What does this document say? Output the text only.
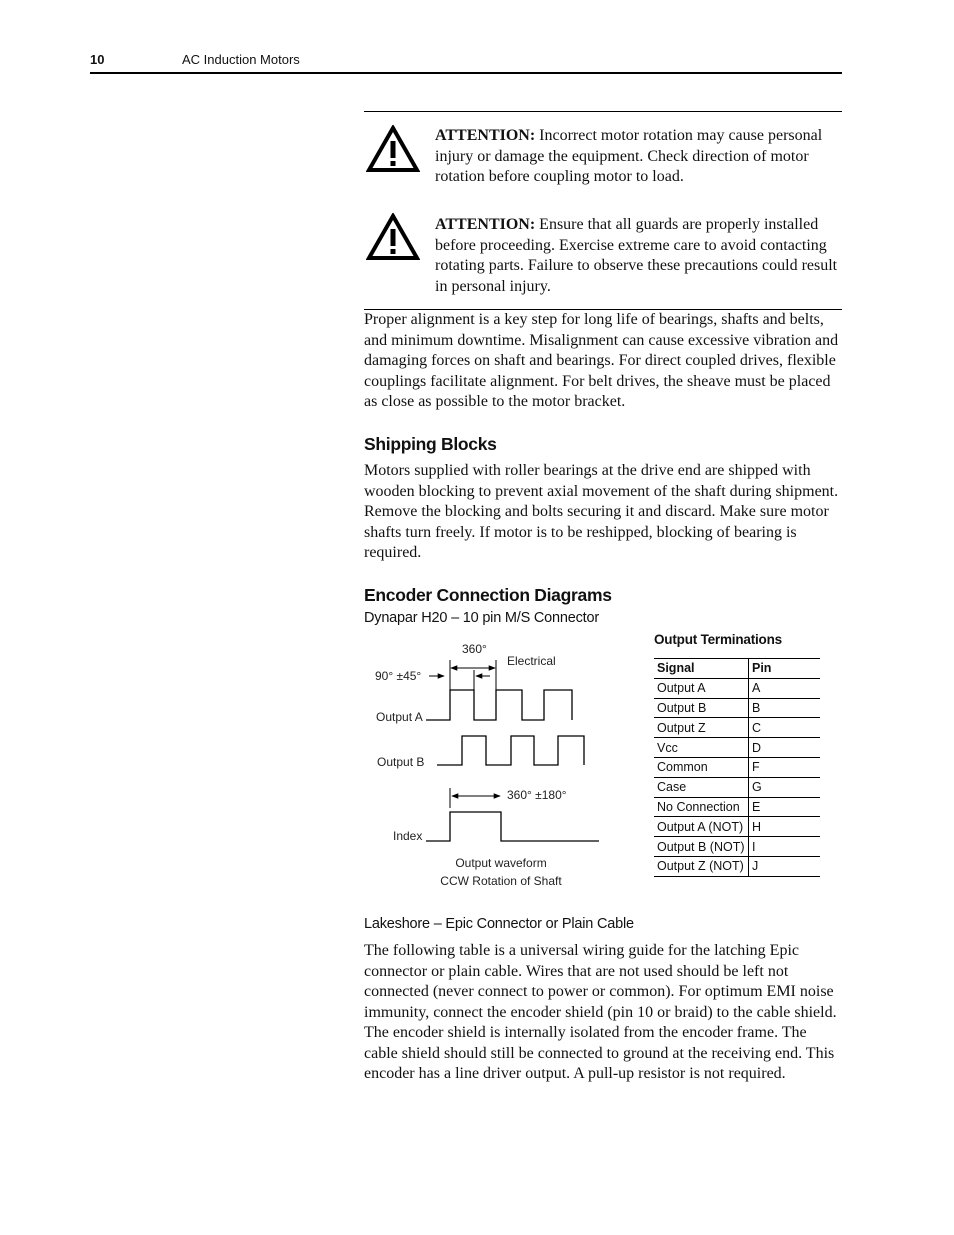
10	AC Induction Motors
ATTENTION: Incorrect motor rotation may cause personal injury or damage the equipment. Check direction of motor rotation before coupling motor to load.
ATTENTION: Ensure that all guards are properly installed before proceeding. Exercise extreme care to avoid contacting rotating parts. Failure to observe these precautions could result in personal injury.
Proper alignment is a key step for long life of bearings, shafts and belts, and minimum downtime. Misalignment can cause excessive vibration and damaging forces on shaft and bearings. For direct coupled drives, flexible couplings facilitate alignment. For belt drives, the sheave must be placed as close as possible to the motor bracket.
Shipping Blocks
Motors supplied with roller bearings at the drive end are shipped with wooden blocking to prevent axial movement of the shaft during shipment. Remove the blocking and bolts securing it and discard. Make sure motor shafts turn freely. If motor is to be reshipped, blocking of bearing is required.
Encoder Connection Diagrams
Dynapar H20 – 10 pin M/S Connector
360°
Electrical
90° ±45°
Output A
Output B
360° ±180°
Index
Output waveform
CCW Rotation of Shaft
Output Terminations
Signal	Pin
Output A	A
Output B	B
Output Z	C
Vcc	D
Common	F
Case	G
No Connection	E
Output A (NOT)	H
Output B (NOT)	I
Output Z (NOT)	J
Lakeshore – Epic Connector or Plain Cable
The following table is a universal wiring guide for the latching Epic connector or plain cable. Wires that are not used should be left not connected (never connect to power or common). For optimum EMI noise immunity, connect the encoder shield (pin 10 or braid) to the cable shield. The encoder shield is internally isolated from the encoder frame. The cable shield should still be connected to ground at the receiving end. This encoder has a line driver output. A pull-up resistor is not required.
